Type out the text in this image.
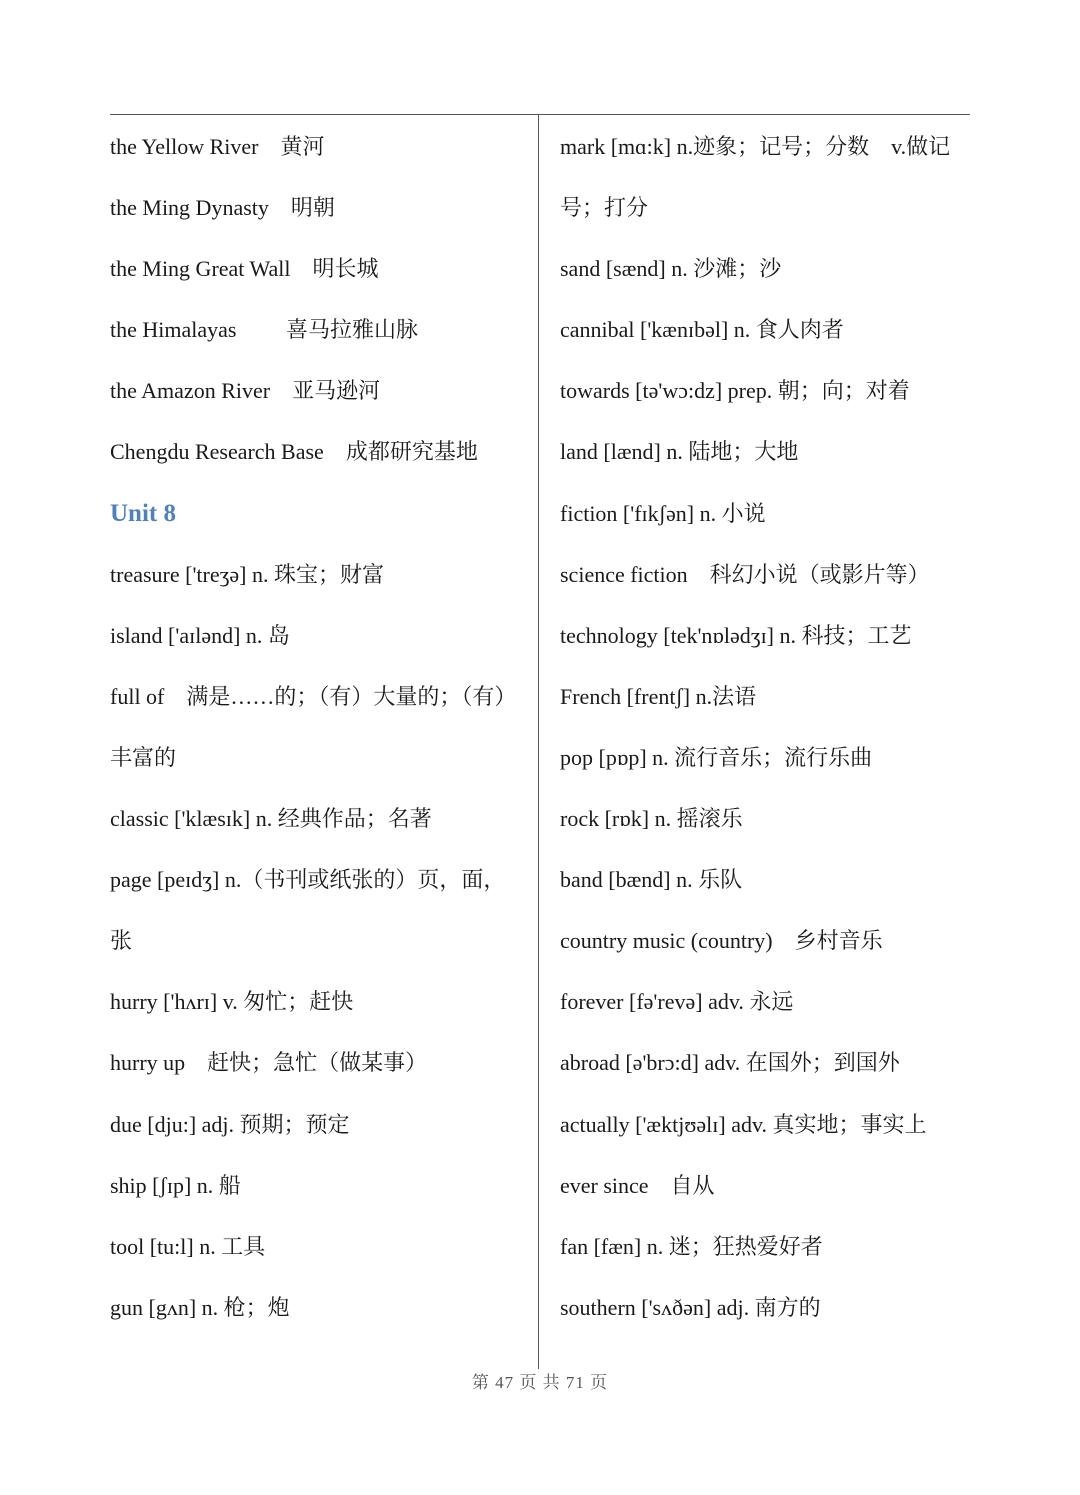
the Yellow River　黄河
the Ming Dynasty　明朝
the Ming Great Wall　明长城
the Himalayas　　 喜马拉雅山脉
the Amazon River　亚马逊河
Chengdu Research Base　成都研究基地
Unit 8
treasure ['treʒə] n. 珠宝；财富
island ['aɪlənd] n. 岛
full of　满是……的；（有）大量的；（有）
丰富的
classic ['klæsɪk] n. 经典作品；名著
page [peɪdʒ] n.（书刊或纸张的）页，面，
张
hurry ['hʌrɪ] v. 匆忙；赶快
hurry up　赶快；急忙（做某事）
due [dju:] adj. 预期；预定
ship [ʃɪp] n. 船
tool [tu:l] n. 工具
gun [gʌn] n. 枪；炮
mark [mɑ:k] n.迹象；记号；分数　v.做记
号；打分
sand [sænd] n. 沙滩；沙
cannibal ['kænɪbəl] n. 食人肉者
towards [tə'wɔ:dz] prep. 朝；向；对着
land [lænd] n. 陆地；大地
fiction ['fɪkʃən] n. 小说
science fiction　科幻小说（或影片等）
technology [tek'nɒlədʒɪ] n. 科技；工艺
French [frentʃ] n.法语
pop [pɒp] n. 流行音乐；流行乐曲
rock [rɒk] n. 摇滚乐
band [bænd] n. 乐队
country music (country)　乡村音乐
forever [fə'revə] adv. 永远
abroad [ə'brɔ:d] adv. 在国外；到国外
actually ['æktjʊəlɪ] adv. 真实地；事实上
ever since　自从
fan [fæn] n. 迷；狂热爱好者
southern ['sʌðən] adj. 南方的
第 47 页 共 71 页
